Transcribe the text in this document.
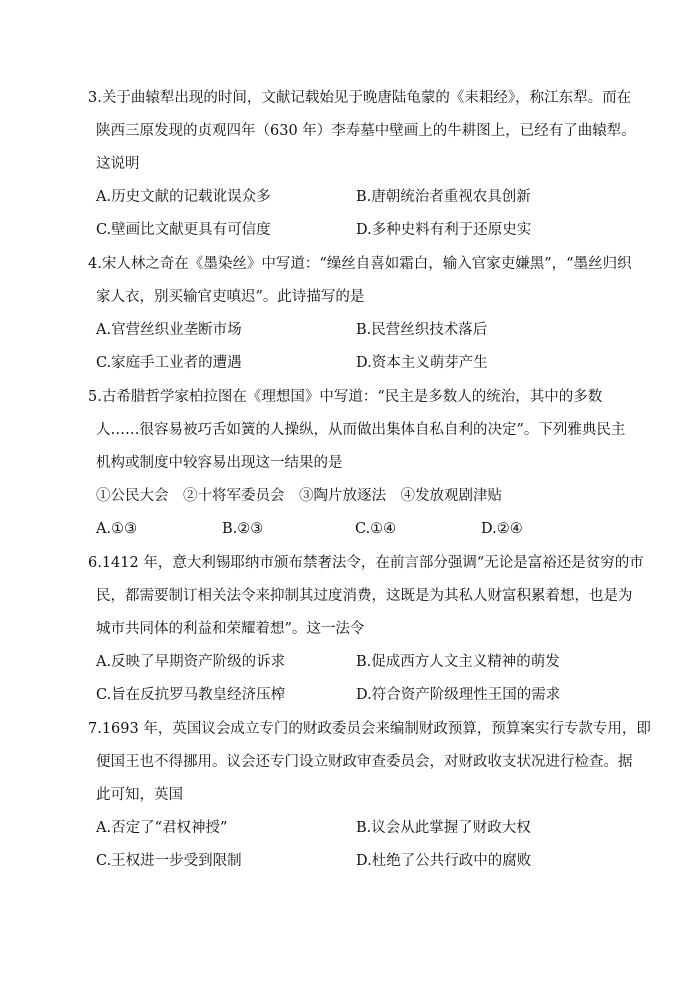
3.关于曲辕犁出现的时间，文献记载始见于晚唐陆龟蒙的《耒耜经》，称江东犁。而在
陕西三原发现的贞观四年（630 年）李寿墓中壁画上的牛耕图上，已经有了曲辕犁。
这说明
A.历史文献的记载讹误众多	B.唐朝统治者重视农具创新
C.壁画比文献更具有可信度	D.多种史料有利于还原史实
4.宋人林之奇在《墨染丝》中写道：“缲丝自喜如霜白，输入官家吏嫌黑”，“墨丝归织
家人衣，别买输官吏嗔迟”。此诗描写的是
A.官营丝织业垄断市场	B.民营丝织技术落后
C.家庭手工业者的遭遇	D.资本主义萌芽产生
5.古希腊哲学家柏拉图在《理想国》中写道：“民主是多数人的统治，其中的多数
人……很容易被巧舌如簧的人操纵，从而做出集体自私自利的决定”。下列雅典民主
机构或制度中较容易出现这一结果的是
①公民大会　②十将军委员会　③陶片放逐法　④发放观剧津贴
A.①③	B.②③	C.①④	D.②④
6.1412 年，意大利锡耶纳市颁布禁奢法令，在前言部分强调“无论是富裕还是贫穷的市
民，都需要制订相关法令来抑制其过度消费，这既是为其私人财富积累着想，也是为
城市共同体的利益和荣耀着想”。这一法令
A.反映了早期资产阶级的诉求	B.促成西方人文主义精神的萌发
C.旨在反抗罗马教皇经济压榨	D.符合资产阶级理性王国的需求
7.1693 年，英国议会成立专门的财政委员会来编制财政预算，预算案实行专款专用，即
便国王也不得挪用。议会还专门设立财政审查委员会，对财政收支状况进行检查。据
此可知，英国
A.否定了“君权神授”	B.议会从此掌握了财政大权
C.王权进一步受到限制	D.杜绝了公共行政中的腐败
